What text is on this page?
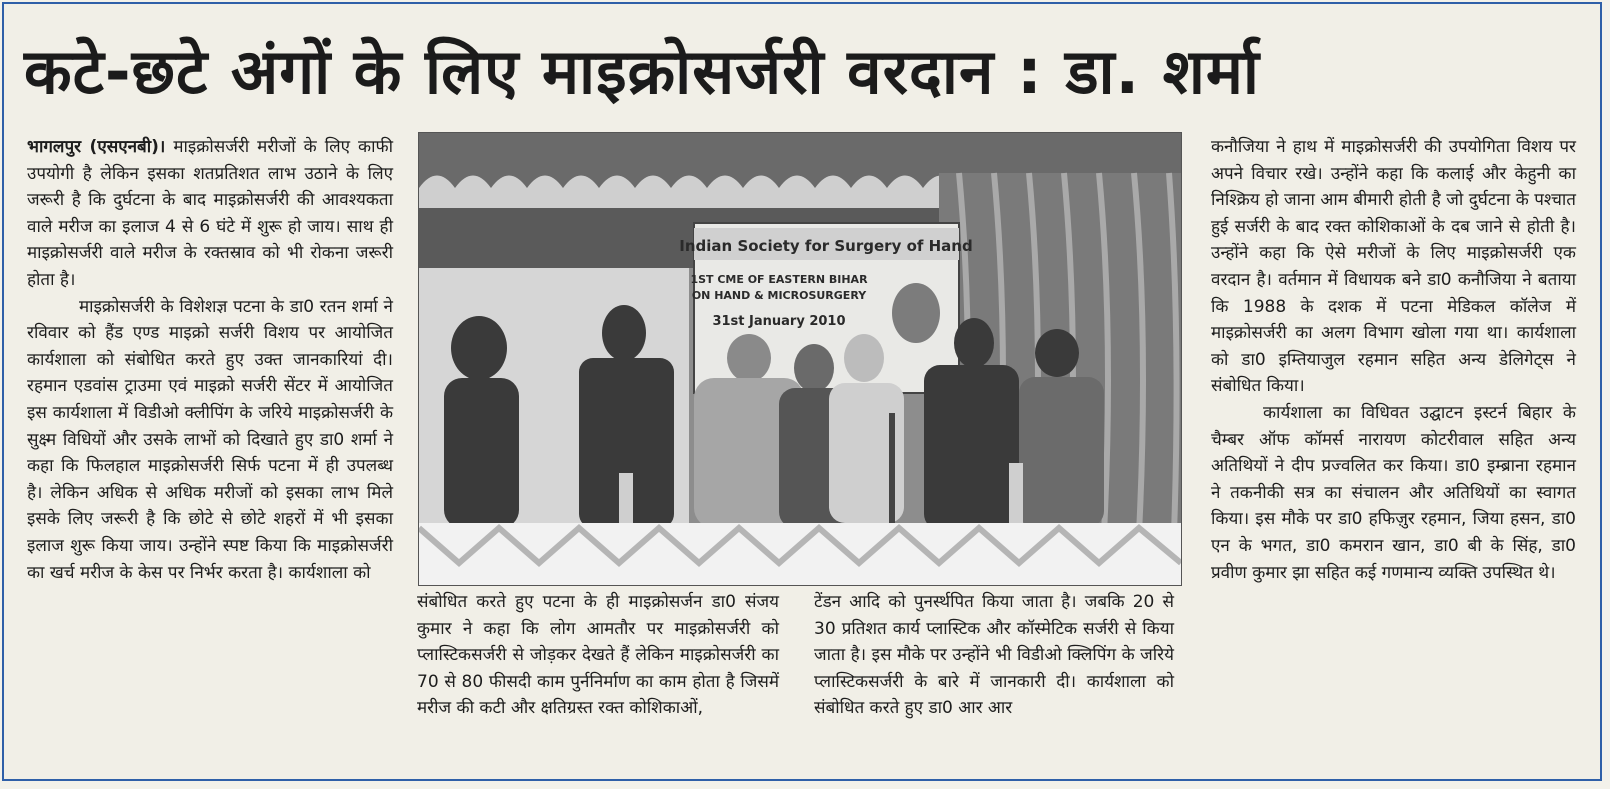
कटे-छटे अंगों के लिए माइक्रोसर्जरी वरदान : डा. शर्मा

भागलपुर (एसएनबी)। माइक्रोसर्जरी मरीजों के लिए काफी उपयोगी है लेकिन इसका शतप्रतिशत लाभ उठाने के लिए जरूरी है कि दुर्घटना के बाद माइक्रोसर्जरी की आवश्यकता वाले मरीज का इलाज 4 से 6 घंटे में शुरू हो जाय। साथ ही माइक्रोसर्जरी वाले मरीज के रक्तस्राव को भी रोकना जरूरी होता है।

माइक्रोसर्जरी के विशेशज्ञ पटना के डा0 रतन शर्मा ने रविवार को हैंड एण्ड माइक्रो सर्जरी विशय पर आयोजित कार्यशाला को संबोधित करते हुए उक्त जानकारियां दी। रहमान एडवांस ट्राउमा एवं माइक्रो सर्जरी सेंटर में आयोजित इस कार्यशाला में विडीओ क्लीपिंग के जरिये माइक्रोसर्जरी के सुक्ष्म विधियों और उसके लाभों को दिखाते हुए डा0 शर्मा ने कहा कि फिलहाल माइक्रोसर्जरी सिर्फ पटना में ही उपलब्ध है। लेकिन अधिक से अधिक मरीजों को इसका लाभ मिले इसके लिए जरूरी है कि छोटे से छोटे शहरों में भी इसका इलाज शुरू किया जाय। उन्होंने स्पष्ट किया कि माइक्रोसर्जरी का खर्च मरीज के केस पर निर्भर करता है। कार्यशाला को

Indian Society for Surgery of Hand
1ST CME OF EASTERN BIHAR
ON HAND & MICROSURGERY
31st January 2010

संबोधित करते हुए पटना के ही माइक्रोसर्जन डा0 संजय कुमार ने कहा कि लोग आमतौर पर माइक्रोसर्जरी को प्लास्टिकसर्जरी से जोड़कर देखते हैं लेकिन माइक्रोसर्जरी का 70 से 80 फीसदी काम पुर्ननिर्माण का काम होता है जिसमें मरीज की कटी और क्षतिग्रस्त रक्त कोशिकाओं,

टेंडन आदि को पुनर्स्थपित किया जाता है। जबकि 20 से 30 प्रतिशत कार्य प्लास्टिक और कॉस्मेटिक सर्जरी से किया जाता है। इस मौके पर उन्होंने भी विडीओ क्लिपिंग के जरिये प्लास्टिकसर्जरी के बारे में जानकारी दी। कार्यशाला को संबोधित करते हुए डा0 आर आर

कनौजिया ने हाथ में माइक्रोसर्जरी की उपयोगिता विशय पर अपने विचार रखे। उन्होंने कहा कि कलाई और केहुनी का निश्क्रिय हो जाना आम बीमारी होती है जो दुर्घटना के पश्चात हुई सर्जरी के बाद रक्त कोशिकाओं के दब जाने से होती है। उन्होंने कहा कि ऐसे मरीजों के लिए माइक्रोसर्जरी एक वरदान है। वर्तमान में विधायक बने डा0 कनौजिया ने बताया कि 1988 के दशक में पटना मेडिकल कॉलेज में माइक्रोसर्जरी का अलग विभाग खोला गया था। कार्यशाला को डा0 इम्तियाजुल रहमान सहित अन्य डेलिगेट्स ने संबोधित किया।

कार्यशाला का विधिवत उद्घाटन इस्टर्न बिहार के चैम्बर ऑफ कॉमर्स नारायण कोटरीवाल सहित अन्य अतिथियों ने दीप प्रज्वलित कर किया। डा0 इम्ब्राना रहमान ने तकनीकी सत्र का संचालन और अतिथियों का स्वागत किया। इस मौके पर डा0 हफिज़ुर रहमान, जिया हसन, डा0 एन के भगत, डा0 कमरान खान, डा0 बी के सिंह, डा0 प्रवीण कुमार झा सहित कई गणमान्य व्यक्ति उपस्थित थे।
